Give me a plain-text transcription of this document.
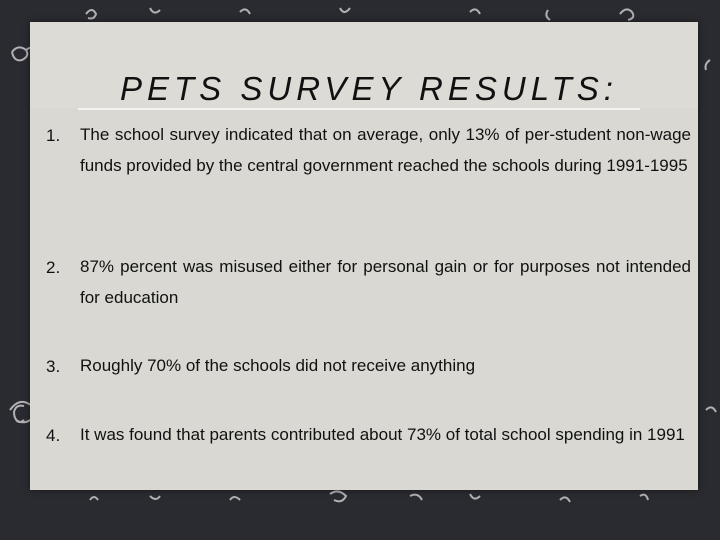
PETS SURVEY RESULTS:
1. The school survey indicated that on average, only 13% of per-student non-wage funds provided by the central government reached the schools during 1991-1995
2. 87% percent was misused either for personal gain or for purposes not intended for education
3. Roughly 70% of the schools did not receive anything
4. It was found that parents contributed about 73% of total school spending in 1991
